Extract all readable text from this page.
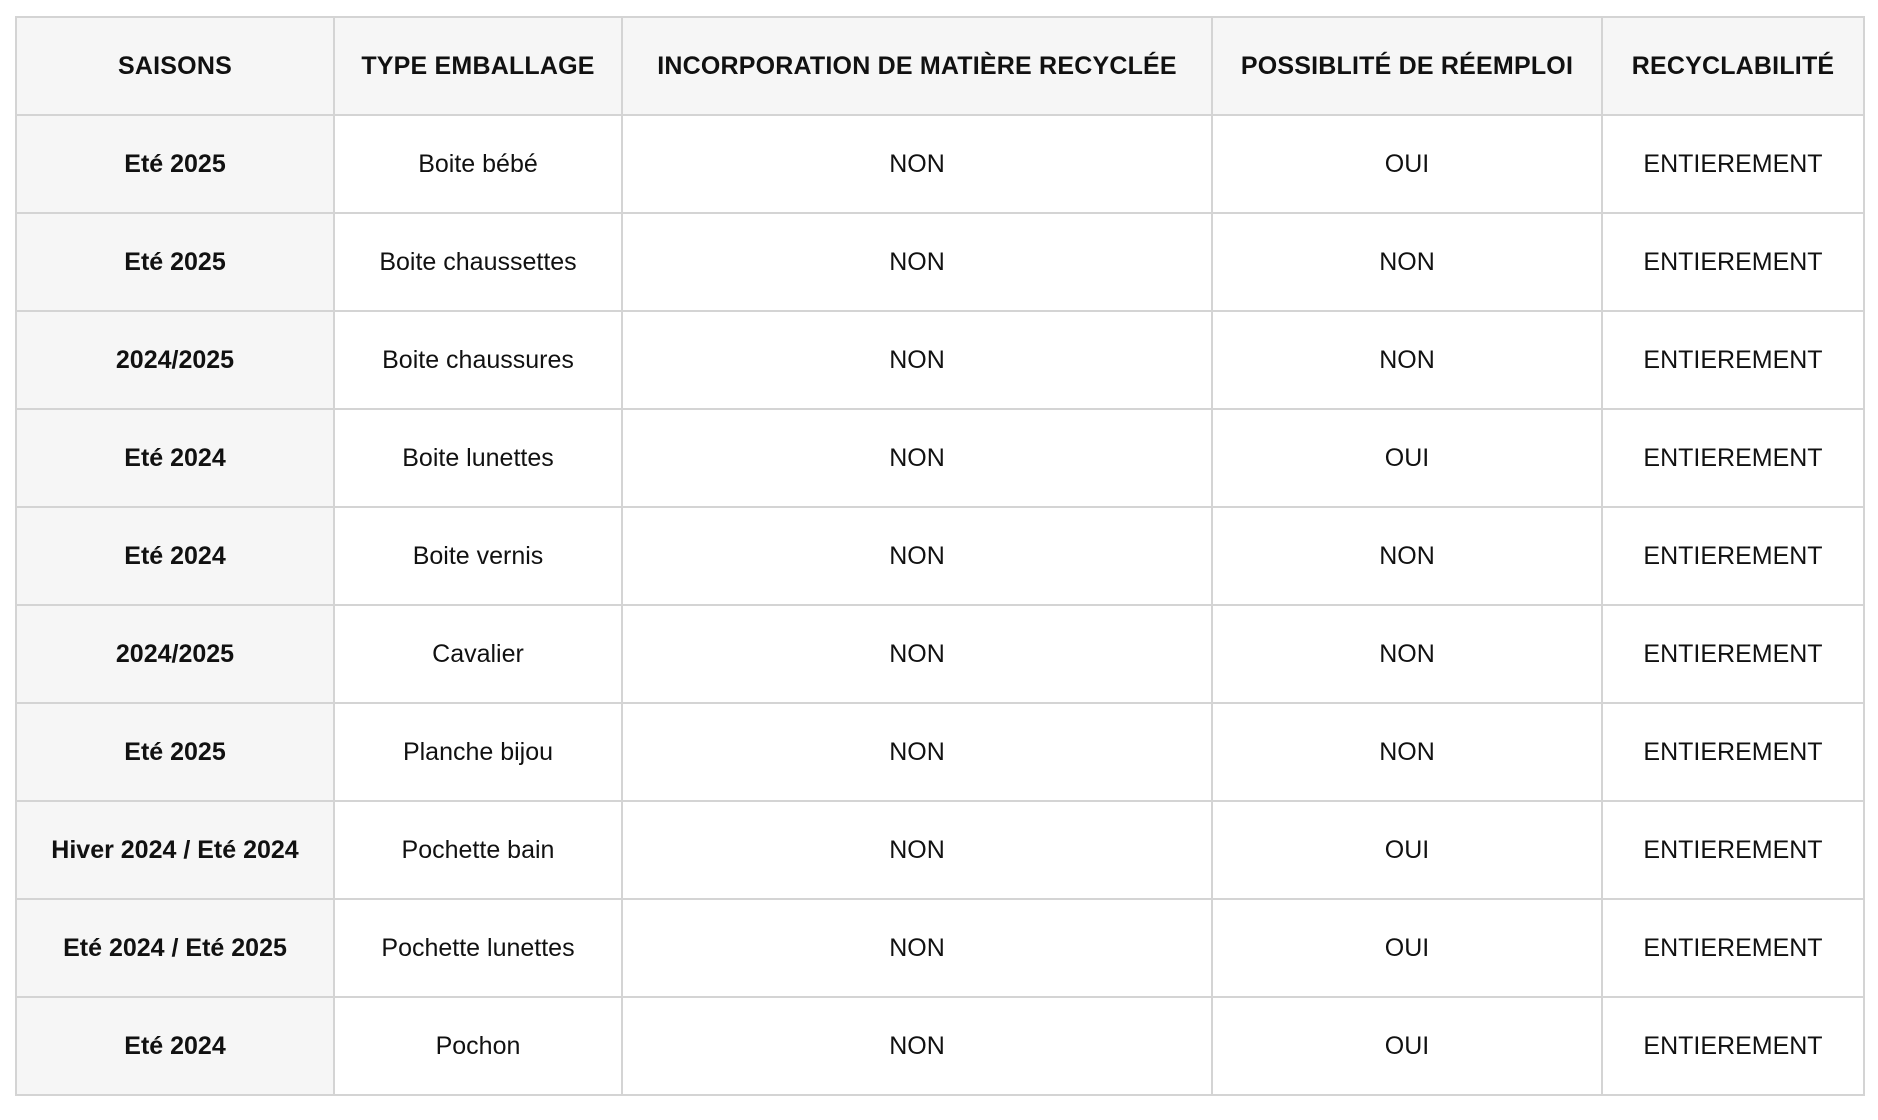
SAISONS	TYPE EMBALLAGE	INCORPORATION DE MATIÈRE RECYCLÉE	POSSIBLITÉ DE RÉEMPLOI	RECYCLABILITÉ
Eté 2025	Boite bébé	NON	OUI	ENTIEREMENT
Eté 2025	Boite chaussettes	NON	NON	ENTIEREMENT
2024/2025	Boite chaussures	NON	NON	ENTIEREMENT
Eté 2024	Boite lunettes	NON	OUI	ENTIEREMENT
Eté 2024	Boite vernis	NON	NON	ENTIEREMENT
2024/2025	Cavalier	NON	NON	ENTIEREMENT
Eté 2025	Planche bijou	NON	NON	ENTIEREMENT
Hiver 2024 / Eté 2024	Pochette bain	NON	OUI	ENTIEREMENT
Eté 2024 / Eté 2025	Pochette lunettes	NON	OUI	ENTIEREMENT
Eté 2024	Pochon	NON	OUI	ENTIEREMENT
